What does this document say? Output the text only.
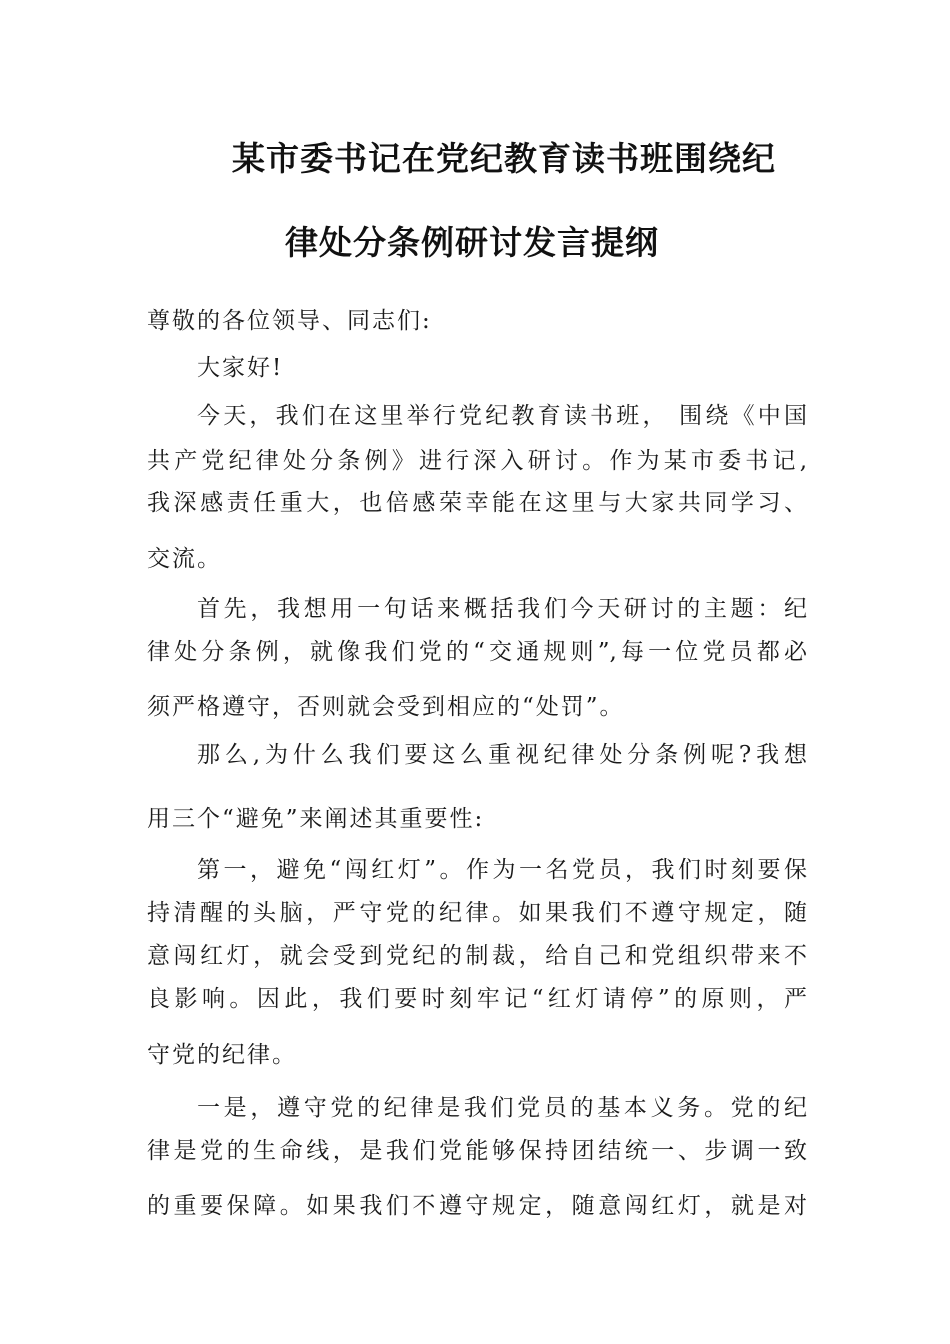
某市委书记在党纪教育读书班围绕纪
律处分条例研讨发言提纲
尊敬的各位领导、同志们:
大家好!
今天，我们在这里举行党纪教育读书班， 围绕《中国
共产党纪律处分条例》进行深入研讨。作为某市委书记,
我深感责任重大，也倍感荣幸能在这里与大家共同学习、
交流。
首先，我想用一句话来概括我们今天研讨的主题：纪
律处分条例，就像我们党的“交通规则”,每一位党员都必
须严格遵守，否则就会受到相应的“处罚”。
那么,为什么我们要这么重视纪律处分条例呢?我想
用三个“避免”来阐述其重要性:
第一，避免“闯红灯”。作为一名党员，我们时刻要保
持清醒的头脑，严守党的纪律。如果我们不遵守规定，随
意闯红灯，就会受到党纪的制裁，给自己和党组织带来不
良影响。因此，我们要时刻牢记“红灯请停”的原则，严
守党的纪律。
一是，遵守党的纪律是我们党员的基本义务。党的纪
律是党的生命线，是我们党能够保持团结统一、步调一致
的重要保障。如果我们不遵守规定，随意闯红灯，就是对
